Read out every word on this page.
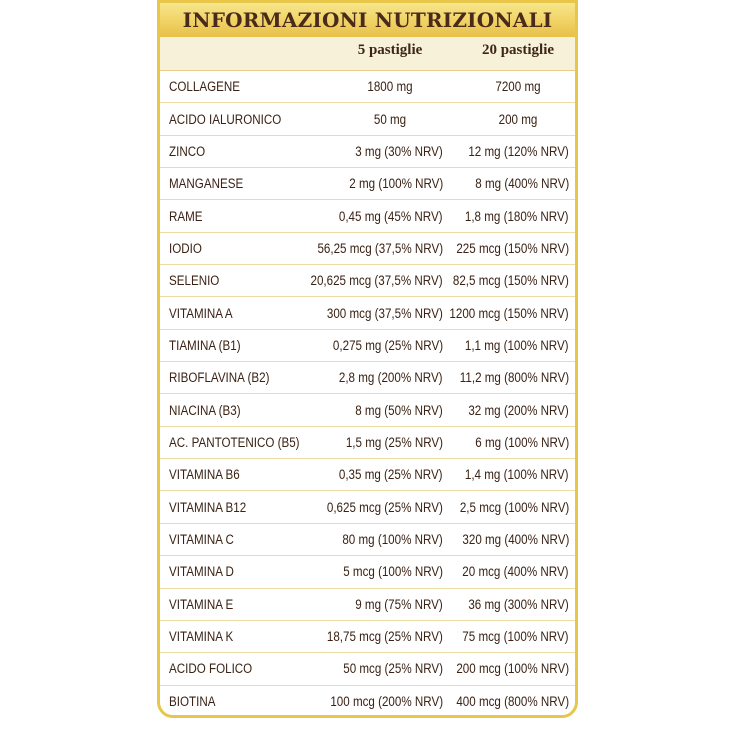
INFORMAZIONI NUTRIZIONALI
5 pastiglie	20 pastiglie
COLLAGENE	1800 mg	7200 mg
ACIDO IALURONICO	50 mg	200 mg
ZINCO	3 mg (30% NRV) 12 mg (120% NRV)
MANGANESE	2 mg (100% NRV) 8 mg (400% NRV)
RAME	0,45 mg (45% NRV) 1,8 mg (180% NRV)
IODIO	56,25 mcg (37,5% NRV) 225 mcg (150% NRV)
SELENIO	20,625 mcg (37,5% NRV) 82,5 mcg (150% NRV)
VITAMINA A	300 mcg (37,5% NRV) 1200 mcg (150% NRV)
TIAMINA (B1)	0,275 mg (25% NRV) 1,1 mg (100% NRV)
RIBOFLAVINA (B2)	2,8 mg (200% NRV) 11,2 mg (800% NRV)
NIACINA (B3)	8 mg (50% NRV) 32 mg (200% NRV)
AC. PANTOTENICO (B5)	1,5 mg (25% NRV) 6 mg (100% NRV)
VITAMINA B6	0,35 mg (25% NRV) 1,4 mg (100% NRV)
VITAMINA B12	0,625 mcg (25% NRV) 2,5 mcg (100% NRV)
VITAMINA C	80 mg (100% NRV) 320 mg (400% NRV)
VITAMINA D	5 mcg (100% NRV) 20 mcg (400% NRV)
VITAMINA E	9 mg (75% NRV) 36 mg (300% NRV)
VITAMINA K	18,75 mcg (25% NRV) 75 mcg (100% NRV)
ACIDO FOLICO	50 mcg (25% NRV) 200 mcg (100% NRV)
BIOTINA	100 mcg (200% NRV) 400 mcg (800% NRV)
